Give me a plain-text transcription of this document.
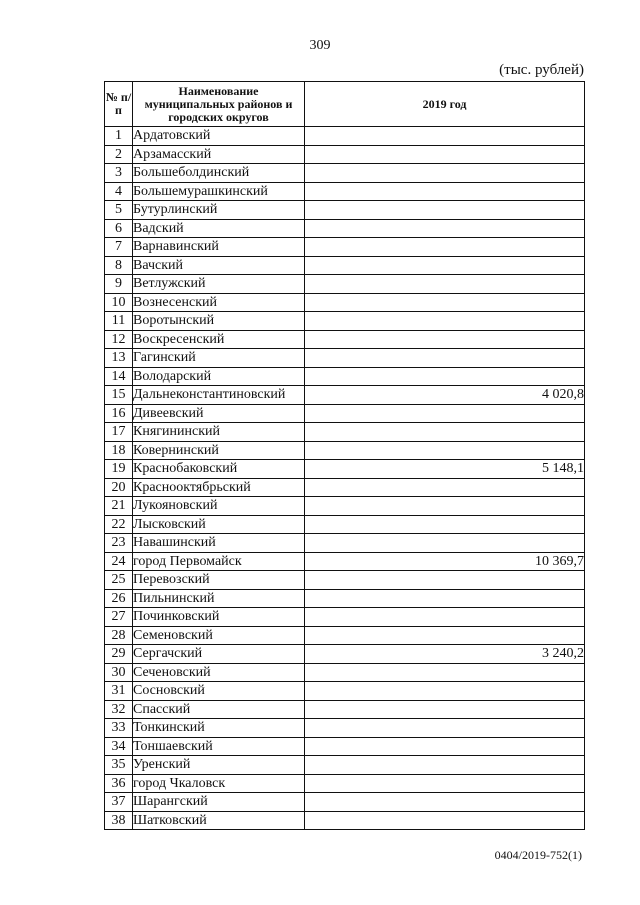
309
(тыс. рублей)
№ п/п	Наименование муниципальных районов и городских округов	2019 год
1	Ардатовский	
2	Арзамасский	
3	Большеболдинский	
4	Большемурашкинский	
5	Бутурлинский	
6	Вадский	
7	Варнавинский	
8	Вачский	
9	Ветлужский	
10	Вознесенский	
11	Воротынский	
12	Воскресенский	
13	Гагинский	
14	Володарский	
15	Дальнеконстантиновский	4 020,8
16	Дивеевский	
17	Княгининский	
18	Ковернинский	
19	Краснобаковский	5 148,1
20	Краснооктябрьский	
21	Лукояновский	
22	Лысковский	
23	Навашинский	
24	город Первомайск	10 369,7
25	Перевозский	
26	Пильнинский	
27	Починковский	
28	Семеновский	
29	Сергачский	3 240,2
30	Сеченовский	
31	Сосновский	
32	Спасский	
33	Тонкинский	
34	Тоншаевский	
35	Уренский	
36	город Чкаловск	
37	Шарангский	
38	Шатковский	
0404/2019-752(1)
